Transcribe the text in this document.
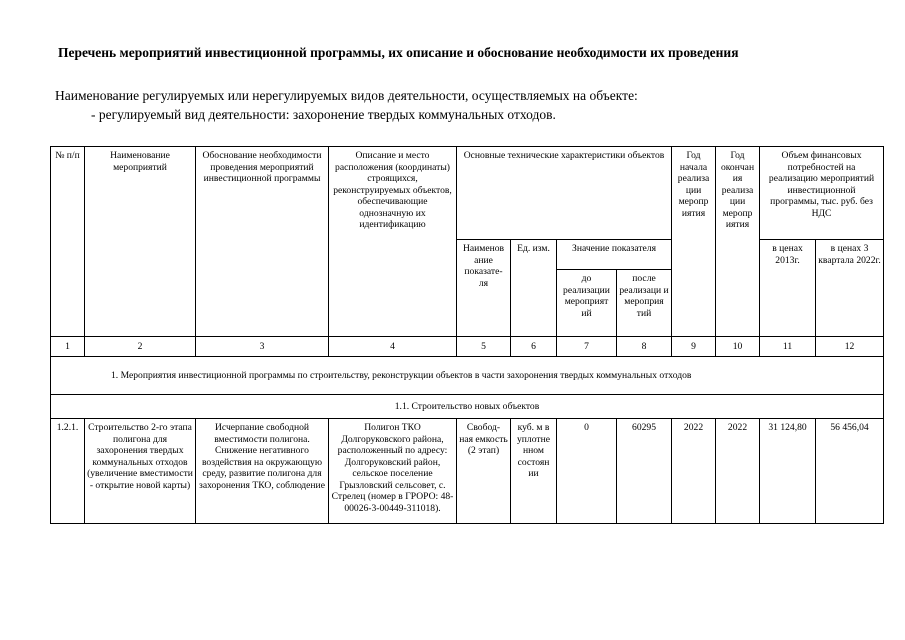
Перечень мероприятий инвестиционной программы, их описание и обоснование необходимости их проведения
Наименование регулируемых или нерегулируемых видов деятельности, осуществляемых на объекте:
- регулируемый вид деятельности: захоронение твердых коммунальных отходов.
№ п/п	Наименование мероприятий	Обоснование необходимости проведения мероприятий инвестиционной программы	Описание и место расположения (координаты) строящихся, реконструируемых объектов, обеспечивающие однозначную их идентификацию	Основные технические характеристики объектов				Год начала реализа ции меропр иятия	Год окончан ия реализа ции меропр иятия	Объем финансовых потребностей на реализацию мероприятий инвестиционной программы, тыс. руб. без НДС	
				Наименов ание показате- ля	Ед. изм.	Значение показателя				в ценах 2013г.	в ценах 3 квартала 2022г.
						до реализации мероприят ий	после реализаци и мероприя тий				
1	2	3	4	5	6	7	8	9	10	11	12
1. Мероприятия инвестиционной программы по строительству, реконструкции объектов в части захоронения твердых коммунальных отходов											
1.1. Строительство новых объектов											
1.2.1.	Строительство 2-го этапа полигона для захоронения твердых коммунальных отходов (увеличение вместимости - открытие новой карты)	Исчерпание свободной вместимости полигона. Снижение негативного воздействия на окружающую среду, развитие полигона для захоронения ТКО, соблюдение	Полигон ТКО Долгоруковского района, расположенный по адресу: Долгоруковский район, сельское поселение Грызловский сельсовет, с. Стрелец (номер в ГРОРО: 48-00026-3-00449-311018).	Свобод- ная емкость (2 этап)	куб. м в уплотне нном состоян ии	0	60295	2022	2022	31 124,80	56 456,04
